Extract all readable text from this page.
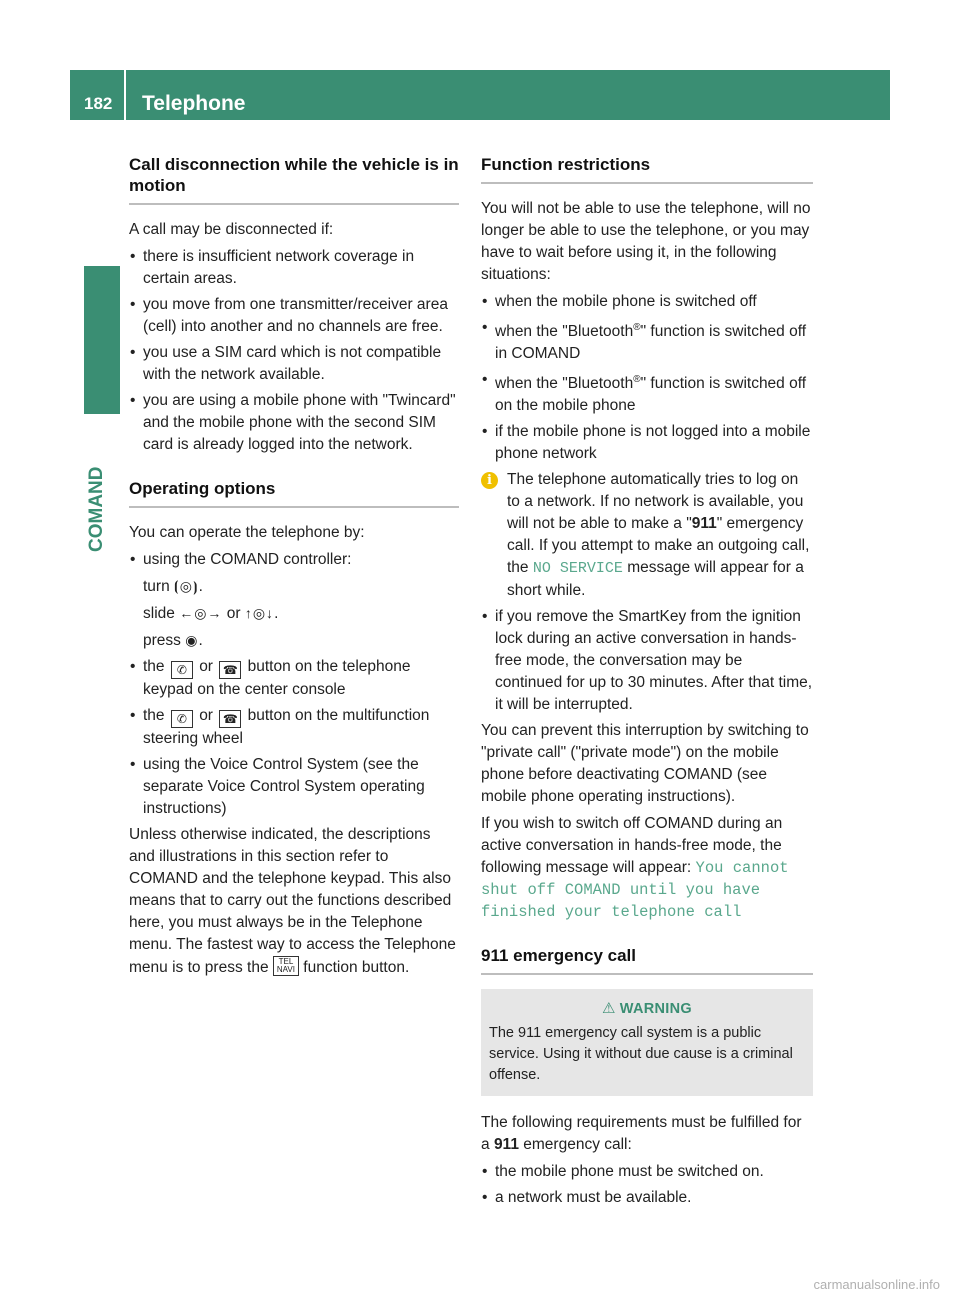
182 Telephone
COMAND
Call disconnection while the vehicle is in motion

A call may be disconnected if:

• there is insufficient network coverage in certain areas.
• you move from one transmitter/receiver area (cell) into another and no channels are free.
• you use a SIM card which is not compatible with the network available.
• you are using a mobile phone with "Twincard" and the mobile phone with the second SIM card is already logged into the network.
Operating options

You can operate the telephone by:

• using the COMAND controller:
turn ⦗◎⦘.
slide ←◎→ or ↑◎↓.
press ◉.
• the ✆ or ☎ button on the telephone keypad on the center console
• the ✆ or ☎ button on the multifunction steering wheel
• using the Voice Control System (see the separate Voice Control System operating instructions)

Unless otherwise indicated, the descriptions and illustrations in this section refer to COMAND and the telephone keypad. This also means that to carry out the functions described here, you must always be in the Telephone menu. The fastest way to access the Telephone menu is to press the TEL
NAVI function button.

Function restrictions

You will not be able to use the telephone, will no longer be able to use the telephone, or you may have to wait before using it, in the following situations:

• when the mobile phone is switched off
• when the "Bluetooth®" function is switched off in COMAND
• when the "Bluetooth®" function is switched off on the mobile phone
• if the mobile phone is not logged into a mobile phone network
i The telephone automatically tries to log on to a network. If no network is available, you will not be able to make a "911" emergency call. If you attempt to make an outgoing call, the NO SERVICE message will appear for a short while.
• if you remove the SmartKey from the ignition lock during an active conversation in hands-free mode, the conversation may be continued for up to 30 minutes. After that time, it will be interrupted.

You can prevent this interruption by switching to "private call" ("private mode") on the mobile phone before deactivating COMAND (see mobile phone operating instructions).

If you wish to switch off COMAND during an active conversation in hands-free mode, the following message will appear: You cannot
shut off COMAND until you have
finished your telephone call

911 emergency call
⚠ WARNING
The 911 emergency call system is a public service. Using it without due cause is a criminal offense.

The following requirements must be fulfilled for a 911 emergency call:

• the mobile phone must be switched on.
• a network must be available.
carmanualsonline.info
